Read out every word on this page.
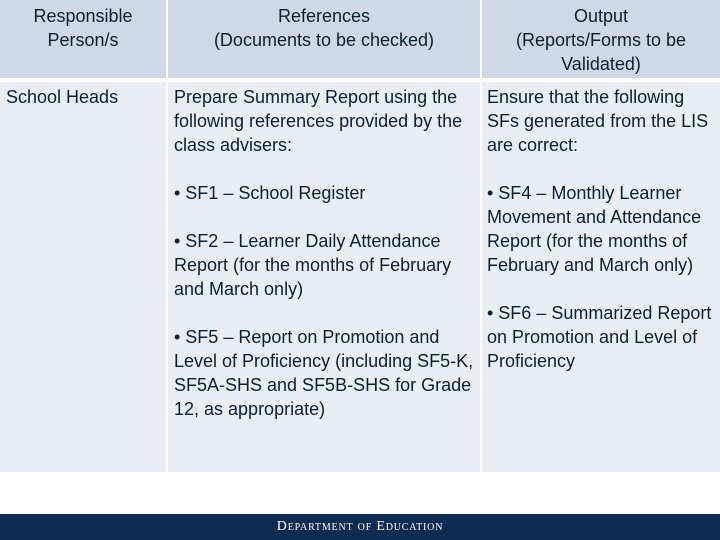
Responsible
Person/s
References
(Documents to be checked)
Output
(Reports/Forms to be
Validated)
School Heads	Prepare Summary Report using the following references provided by the class advisers:

• SF1 – School Register

• SF2 – Learner Daily Attendance Report (for the months of February and March only)

• SF5 – Report on Promotion and Level of Proficiency (including SF5-K, SF5A-SHS and SF5B-SHS for Grade 12, as appropriate)

Ensure that the following SFs generated from the LIS are correct:

• SF4 – Monthly Learner Movement and Attendance Report (for the months of February and March only)

• SF6 – Summarized Report on Promotion and Level of Proficiency

Department of Education
